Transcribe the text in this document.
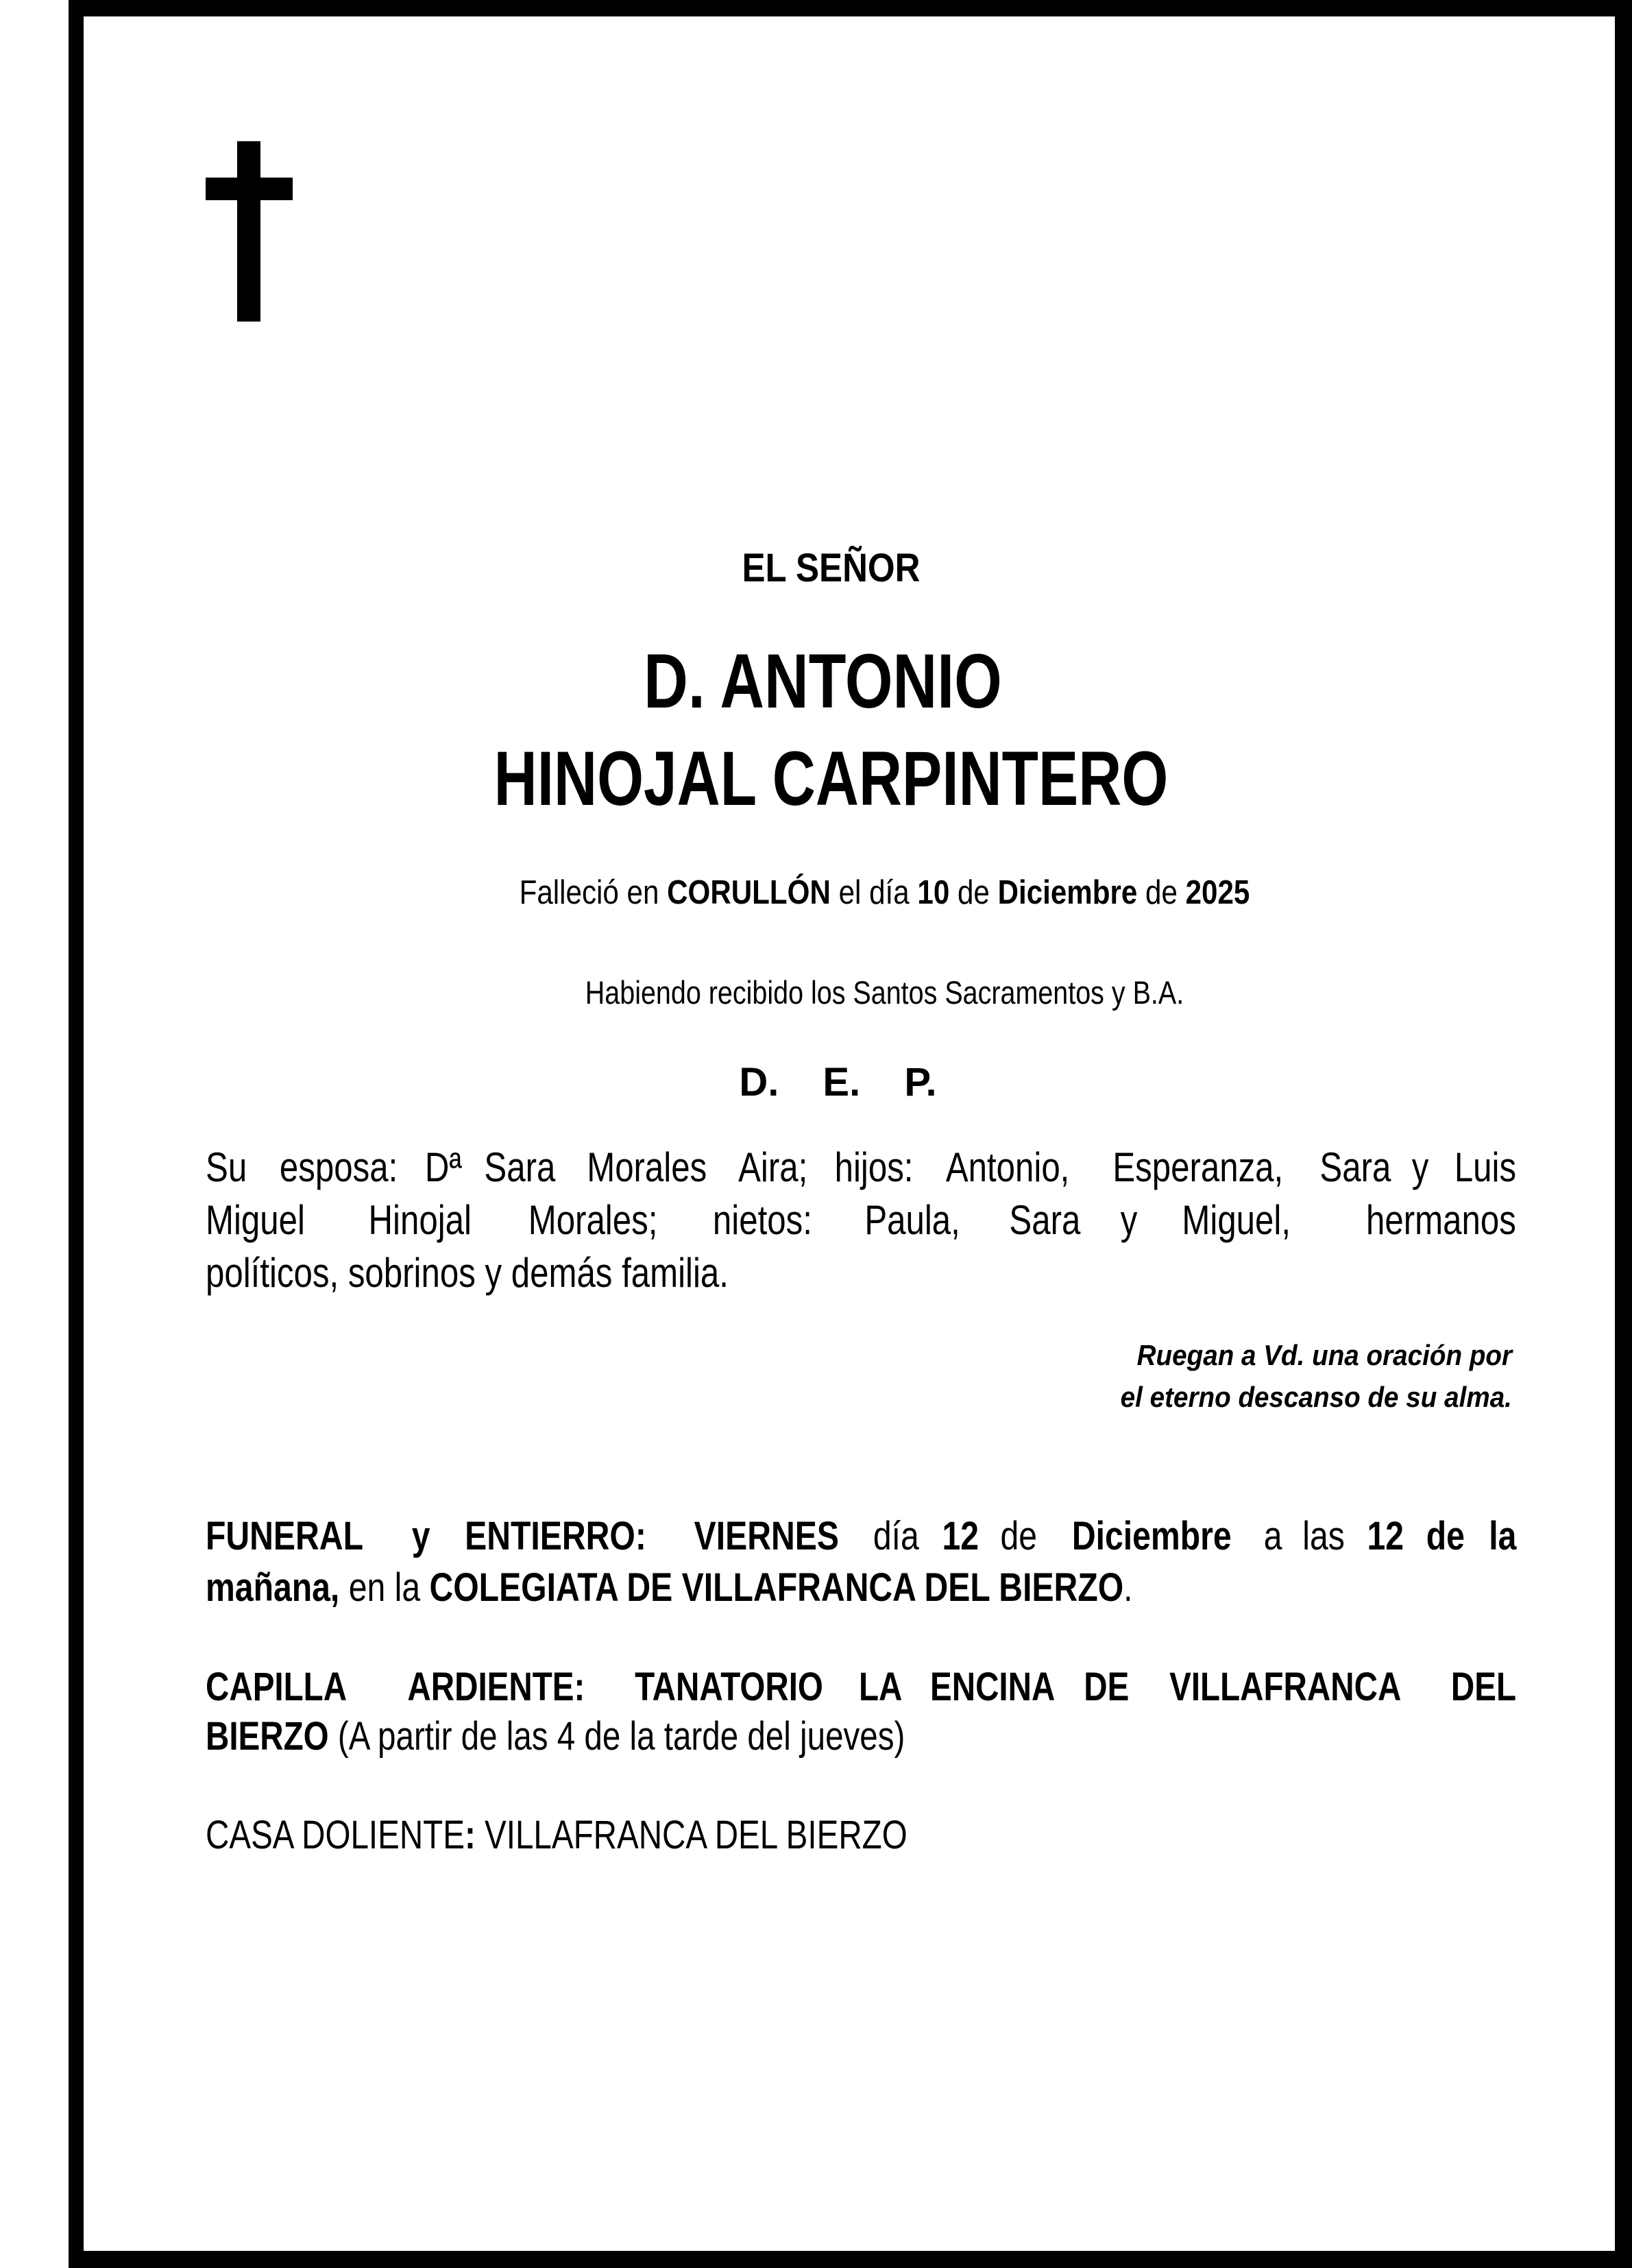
EL SEÑOR
D. ANTONIO
HINOJAL CARPINTERO
Falleció en CORULLÓN el día 10 de Diciembre de 2025
Habiendo recibido los Santos Sacramentos y B.A.
D. E. P.
Su esposa: Dª Sara Morales Aira; hijos: Antonio, Esperanza, Sara y Luis
Miguel Hinojal Morales; nietos: Paula, Sara y Miguel, hermanos
políticos, sobrinos y demás familia.
Ruegan a Vd. una oración por
el eterno descanso de su alma.
FUNERAL y ENTIERRO: VIERNES día 12 de Diciembre a las 12 de la
mañana, en la COLEGIATA DE VILLAFRANCA DEL BIERZO.
CAPILLA ARDIENTE: TANATORIO LA ENCINA DE VILLAFRANCA DEL
BIERZO (A partir de las 4 de la tarde del jueves)
CASA DOLIENTE: VILLAFRANCA DEL BIERZO
